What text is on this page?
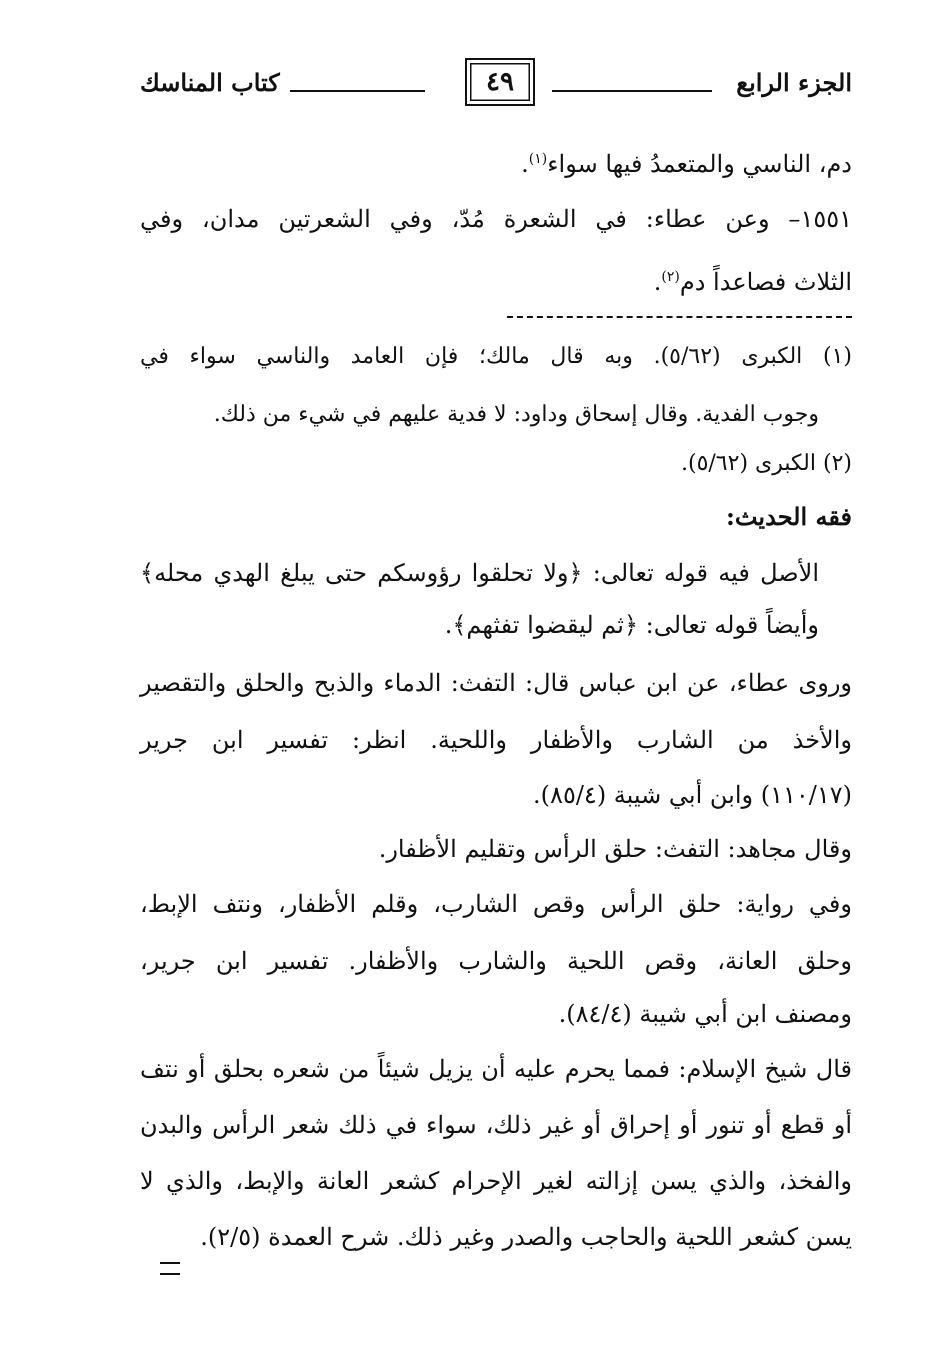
الجزء الرابع
٤٩
كتاب المناسك
دم، الناسي والمتعمدُ فيها سواء$^{(١)}$.
١٥٥١– وعن عطاء: في الشعرة مُدّ، وفي الشعرتين مدان، وفي
الثلاث فصاعداً دم$^{(٢)}$.
(١) الكبرى (٥/٦٢). وبه قال مالك؛ فإن العامد والناسي سواء في
وجوب الفدية. وقال إسحاق وداود: لا فدية عليهم في شيء من ذلك.
(٢) الكبرى (٥/٦٢).
فقه الحديث:
الأصل فيه قوله تعالى: ﴿ولا تحلقوا رؤوسكم حتى يبلغ الهدي محله﴾
وأيضاً قوله تعالى: ﴿ثم ليقضوا تفثهم﴾.
وروى عطاء، عن ابن عباس قال: التفث: الدماء والذبح والحلق والتقصير
والأخذ من الشارب والأظفار واللحية. انظر: تفسير ابن جرير
(١١٠/١٧) وابن أبي شيبة (٨٥/٤).
وقال مجاهد: التفث: حلق الرأس وتقليم الأظفار.
وفي رواية: حلق الرأس وقص الشارب، وقلم الأظفار، ونتف الإبط،
وحلق العانة، وقص اللحية والشارب والأظفار. تفسير ابن جرير،
ومصنف ابن أبي شيبة (٨٤/٤).
قال شيخ الإسلام: فمما يحرم عليه أن يزيل شيئاً من شعره بحلق أو نتف
أو قطع أو تنور أو إحراق أو غير ذلك، سواء في ذلك شعر الرأس والبدن
والفخذ، والذي يسن إزالته لغير الإحرام كشعر العانة والإبط، والذي لا
يسن كشعر اللحية والحاجب والصدر وغير ذلك. شرح العمدة (٢/٥).
